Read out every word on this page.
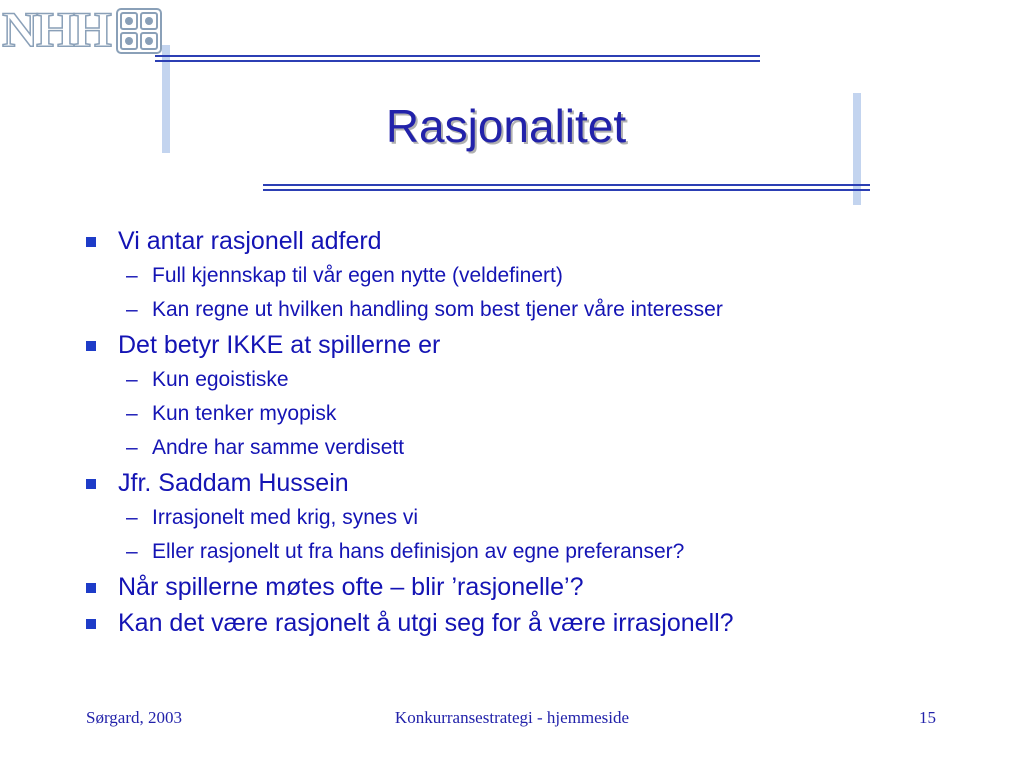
NHH
Rasjonalitet
Vi antar rasjonell adferd
– Full kjennskap til vår egen nytte (veldefinert)
– Kan regne ut hvilken handling som best tjener våre interesser
Det betyr IKKE at spillerne er
– Kun egoistiske
– Kun tenker myopisk
– Andre har samme verdisett
Jfr. Saddam Hussein
– Irrasjonelt med krig, synes vi
– Eller rasjonelt ut fra hans definisjon av egne preferanser?
Når spillerne møtes ofte – blir ’rasjonelle’?
Kan det være rasjonelt å utgi seg for å være irrasjonell?
Sørgard, 2003	Konkurransestrategi - hjemmeside	15
